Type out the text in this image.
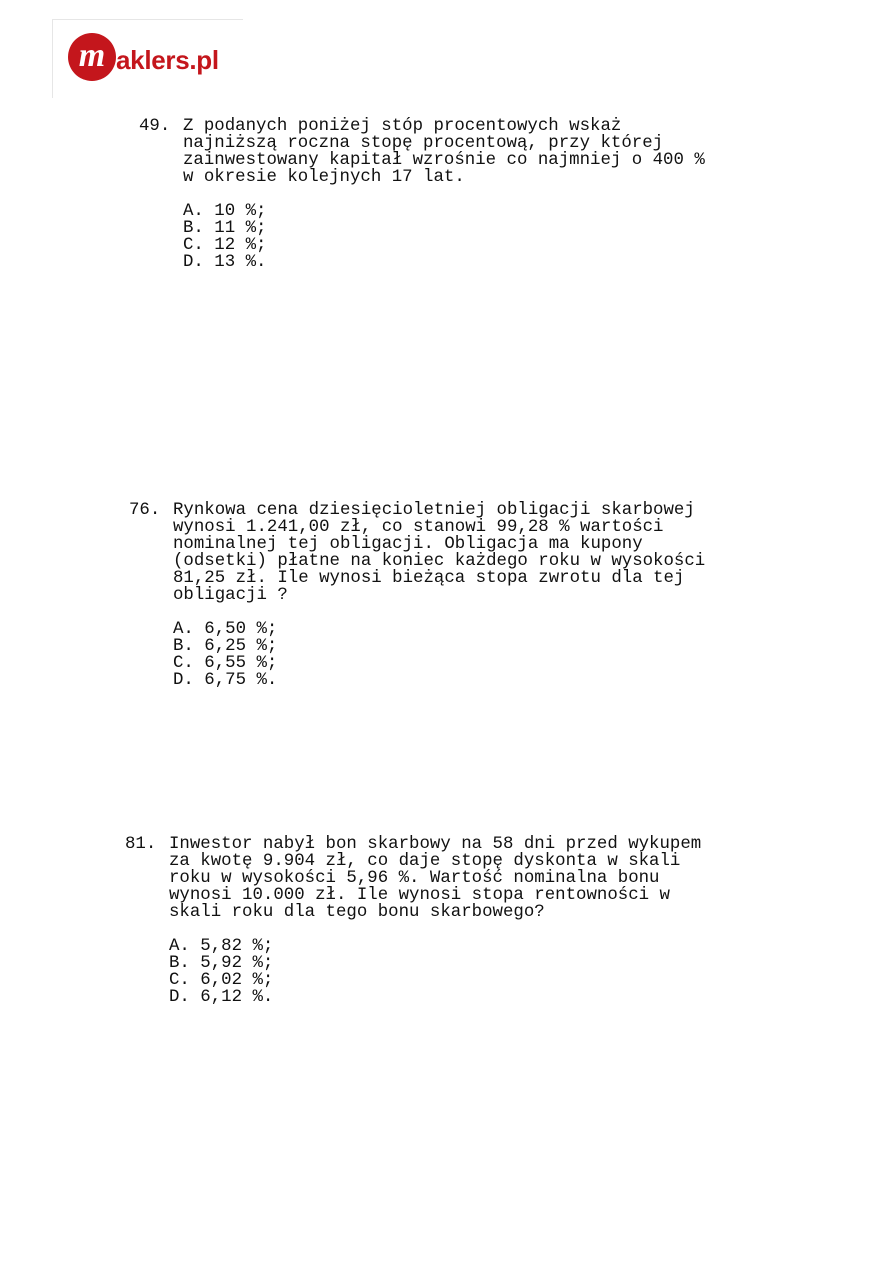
m aklers.pl
49. Z podanych poniżej stóp procentowych wskaż
najniższą roczna stopę procentową, przy której
zainwestowany kapitał wzrośnie co najmniej o 400 %
w okresie kolejnych 17 lat.
A. 10 %;
B. 11 %;
C. 12 %;
D. 13 %.
76. Rynkowa cena dziesięcioletniej obligacji skarbowej
wynosi 1.241,00 zł, co stanowi 99,28 % wartości
nominalnej tej obligacji. Obligacja ma kupony
(odsetki) płatne na koniec każdego roku w wysokości
81,25 zł. Ile wynosi bieżąca stopa zwrotu dla tej
obligacji ?
A. 6,50 %;
B. 6,25 %;
C. 6,55 %;
D. 6,75 %.
81. Inwestor nabył bon skarbowy na 58 dni przed wykupem
za kwotę 9.904 zł, co daje stopę dyskonta w skali
roku w wysokości 5,96 %. Wartość nominalna bonu
wynosi 10.000 zł. Ile wynosi stopa rentowności w
skali roku dla tego bonu skarbowego?
A. 5,82 %;
B. 5,92 %;
C. 6,02 %;
D. 6,12 %.
